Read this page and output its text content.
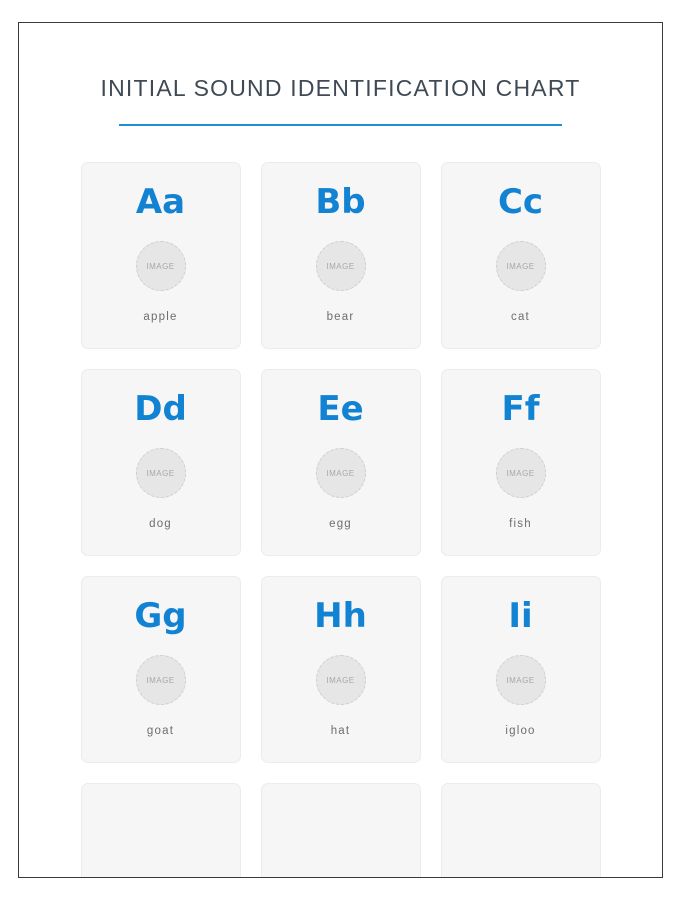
INITIAL SOUND IDENTIFICATION CHART
Aa
IMAGE
apple
Bb
IMAGE
bear
Cc
IMAGE
cat
Dd
IMAGE
dog
Ee
IMAGE
egg
Ff
IMAGE
fish
Gg
IMAGE
goat
Hh
IMAGE
hat
Ii
IMAGE
igloo
